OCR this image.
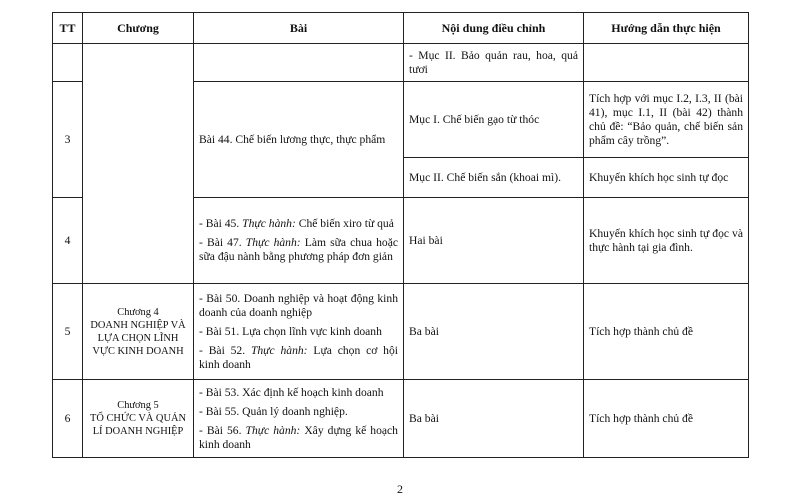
TT	Chương	Bài	Nội dung điều chỉnh	Hướng dẫn thực hiện
			- Mục II. Bảo quản rau, hoa, quả tươi	
3		Bài 44. Chế biến lương thực, thực phẩm	Mục I. Chế biến gạo từ thóc	Tích hợp với mục I.2, I.3, II (bài 41), mục I.1, II (bài 42) thành chủ đề: “Bảo quản, chế biến sản phẩm cây trồng”.
			Mục II. Chế biến sắn (khoai mì).	Khuyến khích học sinh tự đọc
4		- Bài 45. Thực hành: Chế biến xiro từ quả
- Bài 47. Thực hành: Làm sữa chua hoặc sữa đậu nành bằng phương pháp đơn giản	Hai bài	Khuyến khích học sinh tự đọc và thực hành tại gia đình.
5	Chương 4
DOANH NGHIỆP VÀ LỰA CHỌN LĨNH VỰC KINH DOANH	- Bài 50. Doanh nghiệp và hoạt động kinh doanh của doanh nghiệp
- Bài 51. Lựa chọn lĩnh vực kinh doanh
- Bài 52. Thực hành: Lựa chọn cơ hội kinh doanh	Ba bài	Tích hợp thành chủ đề
6	Chương 5
TỔ CHỨC VÀ QUẢN LÍ DOANH NGHIỆP	- Bài 53. Xác định kế hoạch kinh doanh
- Bài 55. Quản lý doanh nghiệp.
- Bài 56. Thực hành: Xây dựng kế hoạch kinh doanh	Ba bài	Tích hợp thành chủ đề
2
